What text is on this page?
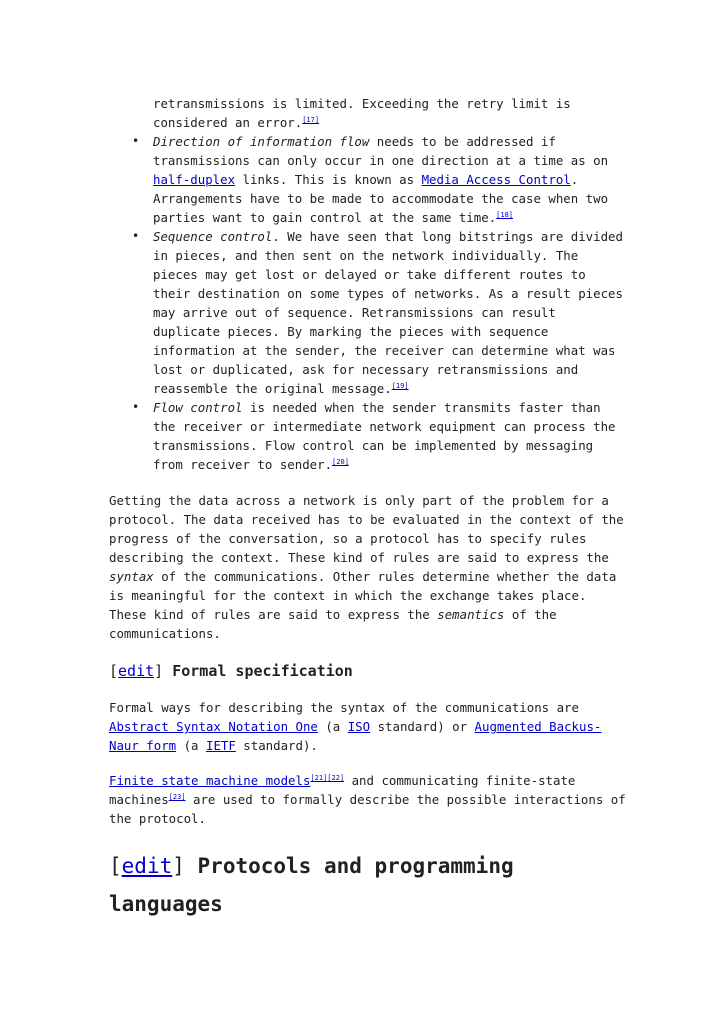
retransmissions is limited. Exceeding the retry limit is considered an error.[17]
• Direction of information flow needs to be addressed if transmissions can only occur in one direction at a time as on half-duplex links. This is known as Media Access Control. Arrangements have to be made to accommodate the case when two parties want to gain control at the same time.[18]
• Sequence control. We have seen that long bitstrings are divided in pieces, and then sent on the network individually. The pieces may get lost or delayed or take different routes to their destination on some types of networks. As a result pieces may arrive out of sequence. Retransmissions can result duplicate pieces. By marking the pieces with sequence information at the sender, the receiver can determine what was lost or duplicated, ask for necessary retransmissions and reassemble the original message.[19]
• Flow control is needed when the sender transmits faster than the receiver or intermediate network equipment can process the transmissions. Flow control can be implemented by messaging from receiver to sender.[20]

Getting the data across a network is only part of the problem for a protocol. The data received has to be evaluated in the context of the progress of the conversation, so a protocol has to specify rules describing the context. These kind of rules are said to express the syntax of the communications. Other rules determine whether the data is meaningful for the context in which the exchange takes place. These kind of rules are said to express the semantics of the communications.

[edit] Formal specification

Formal ways for describing the syntax of the communications are Abstract Syntax Notation One (a ISO standard) or Augmented Backus-Naur form (a IETF standard).

Finite state machine models[21][22] and communicating finite-state machines[23] are used to formally describe the possible interactions of the protocol.

[edit] Protocols and programming languages
